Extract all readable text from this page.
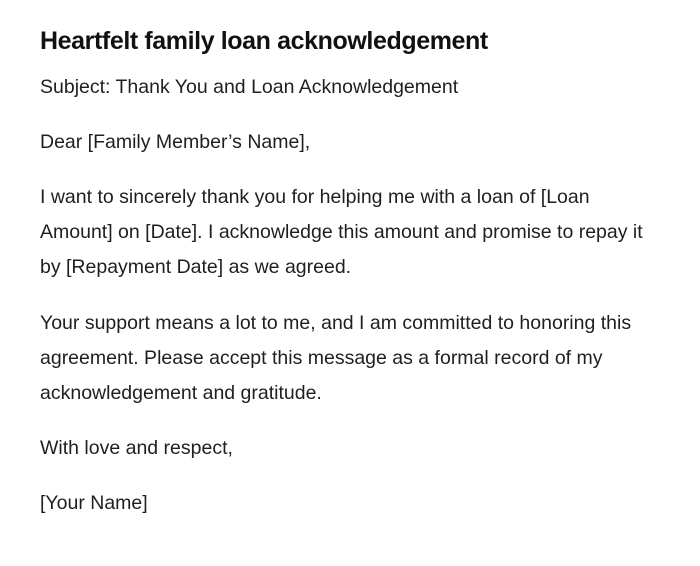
Heartfelt family loan acknowledgement

Subject: Thank You and Loan Acknowledgement

Dear [Family Member’s Name],

I want to sincerely thank you for helping me with a loan of [Loan Amount] on [Date]. I acknowledge this amount and promise to repay it by [Repayment Date] as we agreed.

Your support means a lot to me, and I am committed to honoring this agreement. Please accept this message as a formal record of my acknowledgement and gratitude.

With love and respect,

[Your Name]
